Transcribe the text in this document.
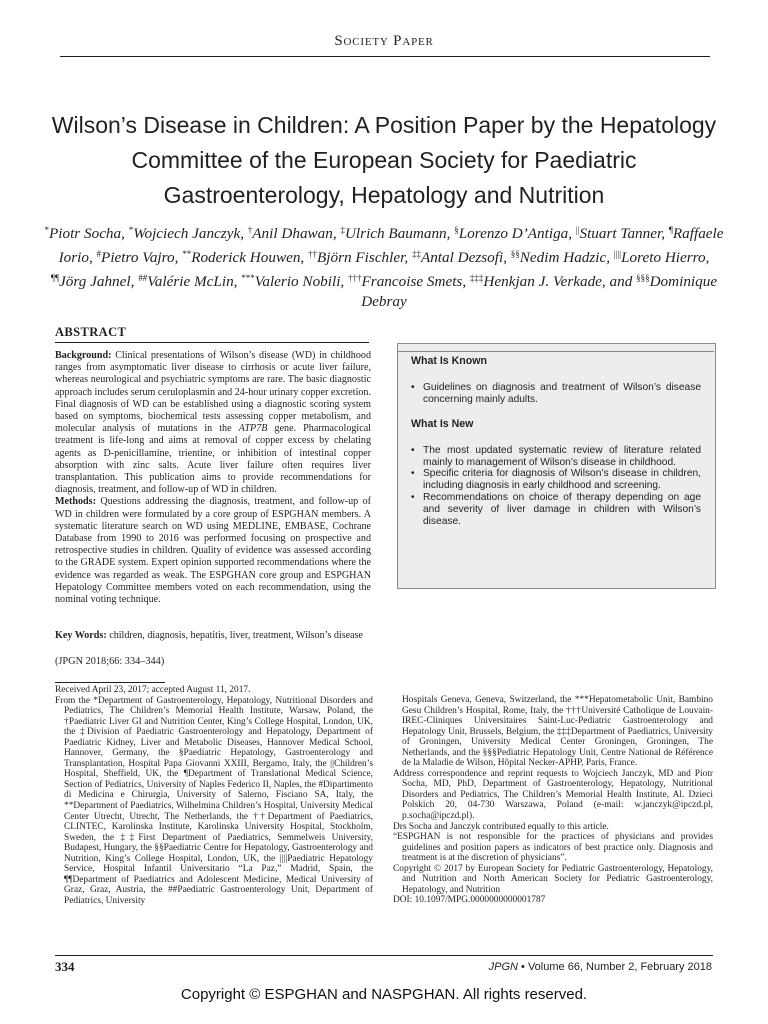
Society Paper
Wilson’s Disease in Children: A Position Paper by the Hepatology Committee of the European Society for Paediatric Gastroenterology, Hepatology and Nutrition
*Piotr Socha, *Wojciech Janczyk, †Anil Dhawan, ‡Ulrich Baumann, §Lorenzo D’Antiga, ||Stuart Tanner, ¶Raffaele Iorio, #Pietro Vajro, **Roderick Houwen, ††Björn Fischler, ‡‡Antal Dezsofi, §§Nedim Hadzic, ||||Loreto Hierro, ¶¶Jörg Jahnel, ##Valérie McLin, ***Valerio Nobili, †††Francoise Smets, ‡‡‡Henkjan J. Verkade, and §§§Dominique Debray
ABSTRACT

Background: Clinical presentations of Wilson’s disease (WD) in childhood ranges from asymptomatic liver disease to cirrhosis or acute liver failure, whereas neurological and psychiatric symptoms are rare. The basic diagnostic approach includes serum ceruloplasmin and 24-hour urinary copper excretion. Final diagnosis of WD can be established using a diagnostic scoring system based on symptoms, biochemical tests assessing copper metabolism, and molecular analysis of mutations in the ATP7B gene. Pharmacological treatment is life-long and aims at removal of copper excess by chelating agents as D-penicillamine, trientine, or inhibition of intestinal copper absorption with zinc salts. Acute liver failure often requires liver transplantation. This publication aims to provide recommendations for diagnosis, treatment, and follow-up of WD in children.

Methods: Questions addressing the diagnosis, treatment, and follow-up of WD in children were formulated by a core group of ESPGHAN members. A systematic literature search on WD using MEDLINE, EMBASE, Cochrane Database from 1990 to 2016 was performed focusing on prospective and retrospective studies in children. Quality of evidence was assessed according to the GRADE system. Expert opinion supported recommendations where the evidence was regarded as weak. The ESPGHAN core group and ESPGHAN Hepatology Committee members voted on each recommendation, using the nominal voting technique.

Key Words: children, diagnosis, hepatitis, liver, treatment, Wilson’s disease
(JPGN 2018;66: 334–344)
What Is Known
• Guidelines on diagnosis and treatment of Wilson’s disease concerning mainly adults.
What Is New
• The most updated systematic review of literature related mainly to management of Wilson’s disease in childhood.
• Specific criteria for diagnosis of Wilson’s disease in children, including diagnosis in early childhood and screening.
• Recommendations on choice of therapy depending on age and severity of liver damage in children with Wilson’s disease.

Received April 23, 2017; accepted August 11, 2017.

From the *Department of Gastroenterology, Hepatology, Nutritional Disorders and Pediatrics, The Children’s Memorial Health Institute, Warsaw, Poland, the †Paediatric Liver GI and Nutrition Center, King’s College Hospital, London, UK, the ‡Division of Paediatric Gastroenterology and Hepatology, Department of Paediatric Kidney, Liver and Metabolic Diseases, Hannover Medical School, Hannover, Germany, the §Paediatric Hepatology, Gastroenterology and Transplantation, Hospital Papa Giovanni XXIII, Bergamo, Italy, the ||Children’s Hospital, Sheffield, UK, the ¶Department of Translational Medical Science, Section of Pediatrics, University of Naples Federico II, Naples, the #Dipartimento di Medicina e Chirurgia, University of Salerno, Fisciano SA, Italy, the **Department of Paediatrics, Wilhelmina Children’s Hospital, University Medical Center Utrecht, Utrecht, The Netherlands, the ††Department of Paediatrics, CLINTEC, Karolinska Institute, Karolinska University Hospital, Stockholm, Sweden, the ‡‡First Department of Paediatrics, Semmelweis University, Budapest, Hungary, the §§Paediatric Centre for Hepatology, Gastroenterology and Nutrition, King’s College Hospital, London, UK, the ||||Paediatric Hepatology Service, Hospital Infantil Universitario “La Paz,” Madrid, Spain, the ¶¶Department of Paediatrics and Adolescent Medicine, Medical University of Graz, Graz, Austria, the ##Paediatric Gastroenterology Unit, Department of Pediatrics, University

Hospitals Geneva, Geneva, Switzerland, the ***Hepatometabolic Unit, Bambino Gesu Children’s Hospital, Rome, Italy, the †††Université Catholique de Louvain-IREC-Cliniques Universitaires Saint-Luc-Pediatric Gastroenterology and Hepatology Unit, Brussels, Belgium, the ‡‡‡Department of Paediatrics, University of Groningen, University Medical Center Groningen, Groningen, The Netherlands, and the §§§Pediatric Hepatology Unit, Centre National de Référence de la Maladie de Wilson, Hôpital Necker-APHP, Paris, France.

Address correspondence and reprint requests to Wojciech Janczyk, MD and Piotr Socha, MD, PhD, Department of Gastroenterology, Hepatology, Nutritional Disorders and Pediatrics, The Children’s Memorial Health Institute, Al. Dzieci Polskich 20, 04-730 Warszawa, Poland (e-mail: w.janczyk@ipczd.pl, p.socha@ipczd.pl).

Drs Socha and Janczyk contributed equally to this article.

“ESPGHAN is not responsible for the practices of physicians and provides guidelines and position papers as indicators of best practice only. Diagnosis and treatment is at the discretion of physicians”.

Copyright © 2017 by European Society for Pediatric Gastroenterology, Hepatology, and Nutrition and North American Society for Pediatric Gastroenterology, Hepatology, and Nutrition

DOI: 10.1097/MPG.0000000000001787

334	JPGN • Volume 66, Number 2, February 2018
Copyright © ESPGHAN and NASPGHAN. All rights reserved.
